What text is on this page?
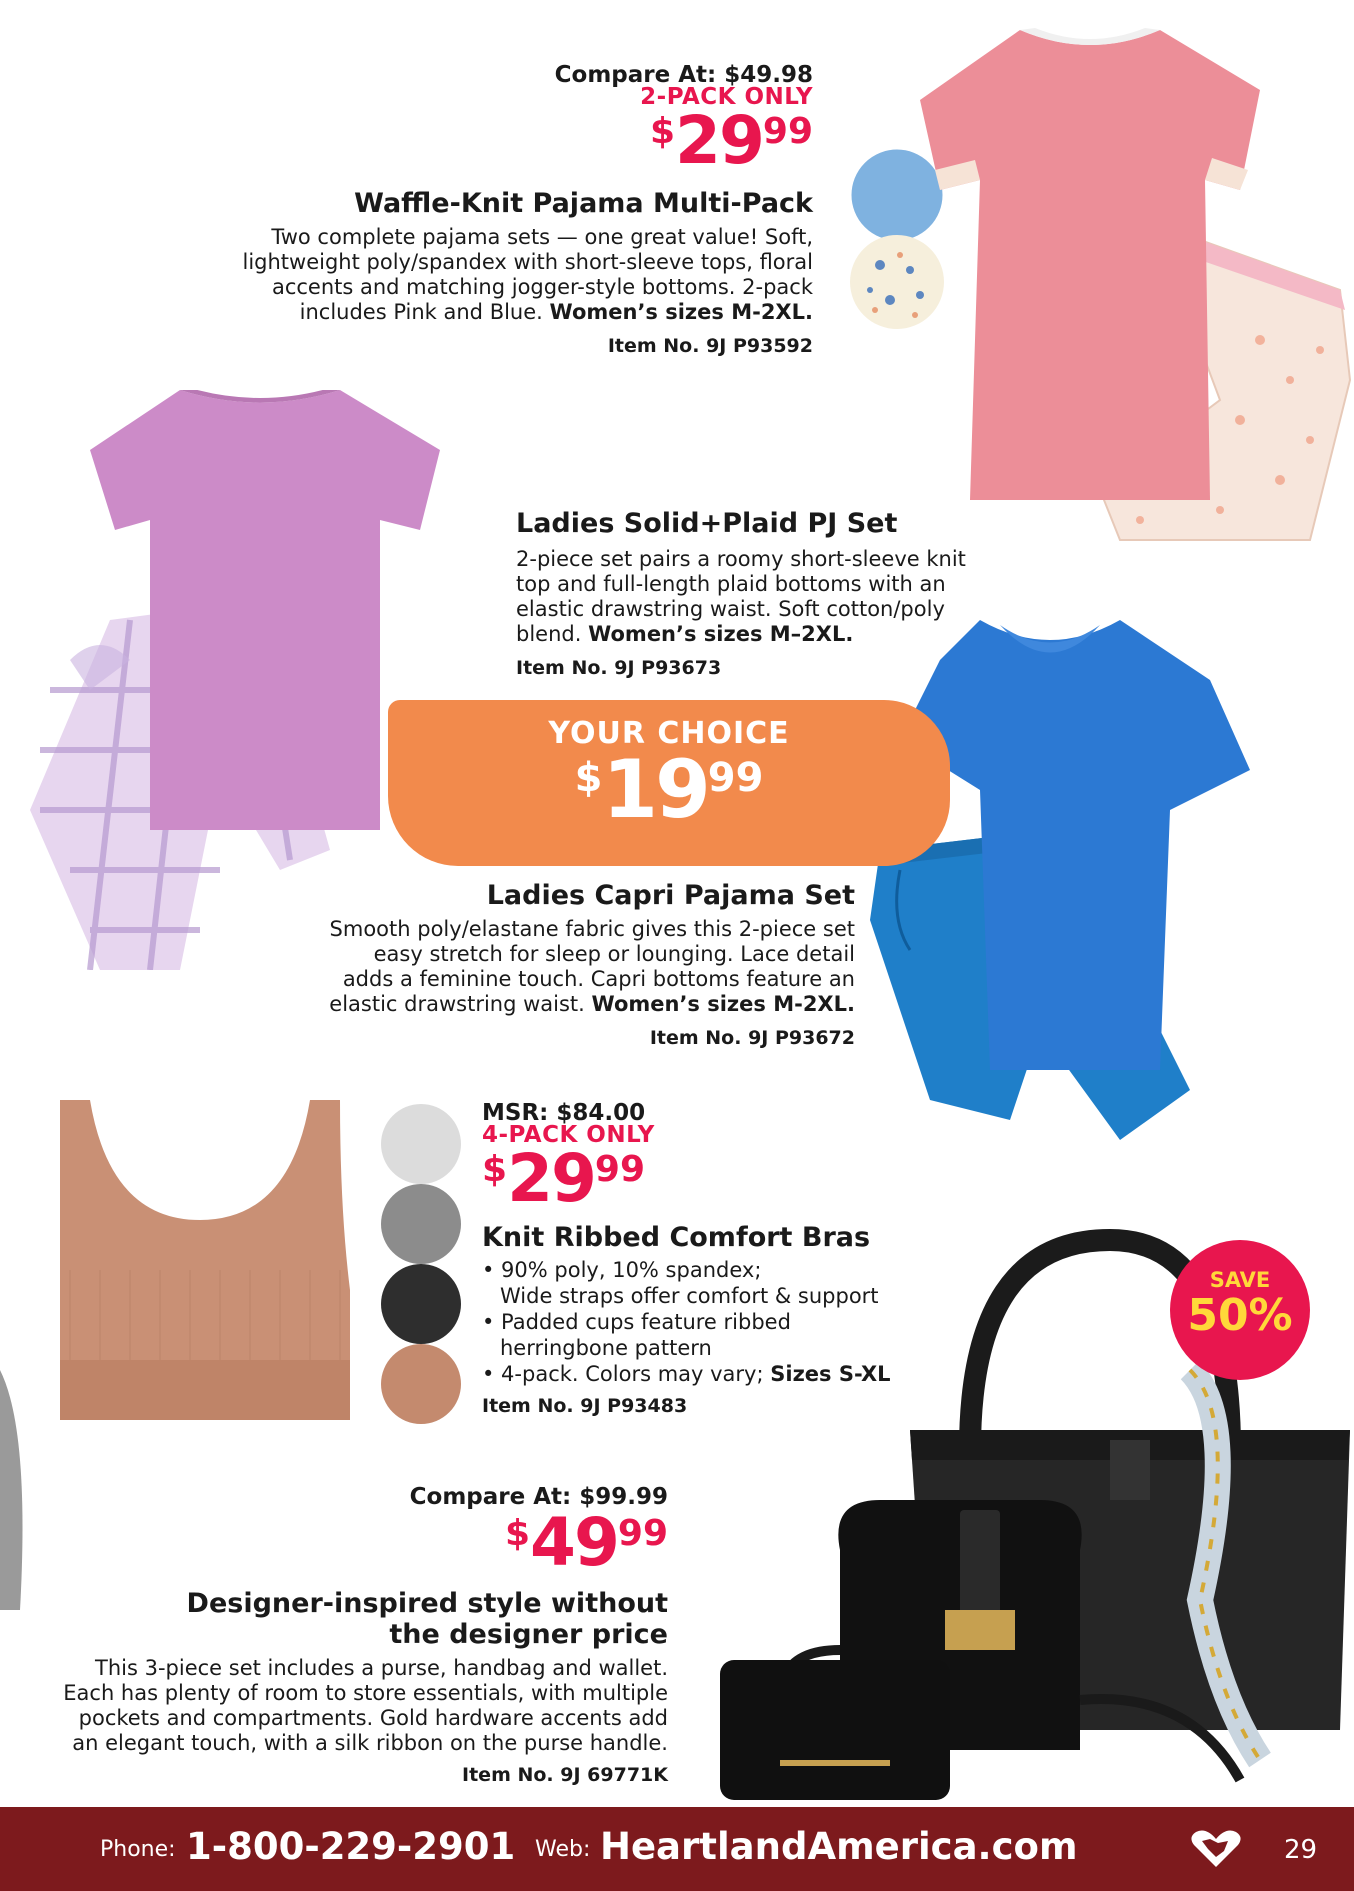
Compare At: $49.98
2-PACK ONLY
$2999
Waffle-Knit Pajama Multi-Pack
Two complete pajama sets — one great value! Soft,
lightweight poly/spandex with short-sleeve tops, floral
accents and matching jogger-style bottoms. 2-pack
includes Pink and Blue. Women’s sizes M-2XL.
Item No. 9J P93592
Ladies Solid+Plaid PJ Set
2-piece set pairs a roomy short-sleeve knit
top and full-length plaid bottoms with an
elastic drawstring waist. Soft cotton/poly
blend. Women’s sizes M–2XL.
Item No. 9J P93673
YOUR CHOICE
$1999
Ladies Capri Pajama Set
Smooth poly/elastane fabric gives this 2-piece set
easy stretch for sleep or lounging. Lace detail
adds a feminine touch. Capri bottoms feature an
elastic drawstring waist. Women’s sizes M-2XL.
Item No. 9J P93672
MSR: $84.00
4-PACK ONLY
$2999
Knit Ribbed Comfort Bras
• 90% poly, 10% spandex;
Wide straps offer comfort & support
• Padded cups feature ribbed
herringbone pattern
• 4-pack. Colors may vary; Sizes S-XL
Item No. 9J P93483
SAVE
50%
Compare At: $99.99
$4999
Designer-inspired style without
the designer price
This 3-piece set includes a purse, handbag and wallet.
Each has plenty of room to store essentials, with multiple
pockets and compartments. Gold hardware accents add
an elegant touch, with a silk ribbon on the purse handle.
Item No. 9J 69771K
Phone: 1-800-229-2901 Web: HeartlandAmerica.com	29
